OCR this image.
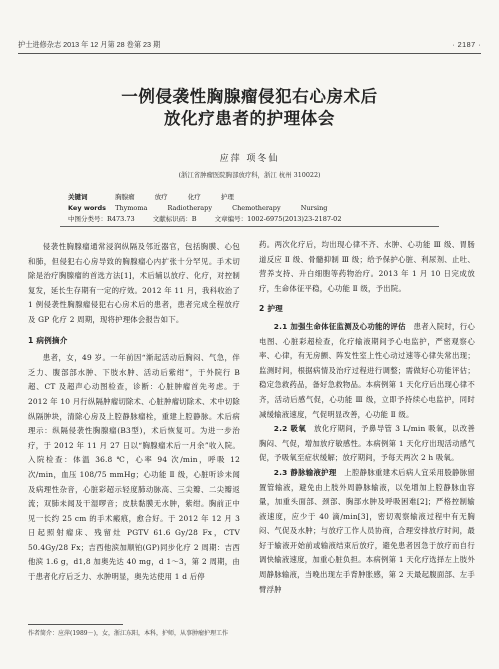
护士进修杂志 2013 年 12 月第 28 卷第 23 期	· 2187 ·
一例侵袭性胸腺瘤侵犯右心房术后
放化疗患者的护理体会
应萍 项冬仙
(浙江省肿瘤医院胸部放疗科，浙江 杭州 310022)
关键词	胸腺瘤	放疗	化疗	护理
Key words Thymoma	Radiotherapy	Chemotherapy	Nursing
中图分类号：R473.73	文献标识码：B	文章编号：1002-6975(2013)23-2187-02

侵袭性胸腺瘤通常浸润纵隔及邻近器官，包括胸膜、心包和肺，但侵犯右心房导致的胸腺瘤心内扩张十分罕见。手术切除是治疗胸腺瘤的首选方法[1]，术后辅以放疗、化疗，对控制复发，延长生存期有一定的疗效。2012 年 11 月，我科收治了 1 例侵袭性胸腺瘤侵犯右心房术后的患者，患者完成全程放疗及 GP 化疗 2 周期，现将护理体会报告如下。

1 病例摘介

患者，女，49 岁。一年前因“渐起活动后胸闷、气急，伴乏力、腹部部水肿、下肢水肿、活动后紫绀”，于外院行 B 超、CT 及超声心动图检查，诊断：心脏肿瘤首先考虑。于 2012 年 10 月行纵隔肿瘤切除术、心脏肿瘤切除术、术中切除纵隔肿块，清除心房及上腔静脉瘤栓，重建上腔静脉。术后病理示：纵隔侵袭性胸腺瘤(B3型)，术后恢复可。为进一步治疗，于 2012 年 11 月 27 日以“胸腺瘤术后一月余”收入院。入院检查：体温 36.8 ℃，心率 94 次/min，呼吸 12 次/min，血压 108/75 mmHg；心功能 Ⅱ 级，心脏听诊未闻及病理性杂音，心脏彩超示轻度肺动脉高、三尖瓣、二尖瓣返流；双肺未闻及干湿啰音；皮肤黏膜无水肿，紫绀。胸前正中见一长约 25 cm 的手术瘢痕，愈合好。于 2012 年 12 月 3 日起照射瘤床、残留灶 PGTV 61.6 Gy/28 Fx，CTV 50.4Gy/28 Fx；吉西他滨加顺铂(GP)同步化疗 2 周期：吉西他滨 1.6 g，d1,8 加奥先达 40 mg，d 1～3，第 2 周期，由于患者化疗后乏力、水肿明显，奥先达使用 1 d 后停

药。两次化疗后，均出现心律不齐、水肿、心功能 Ⅲ 级、胃肠道反应 Ⅱ 级、骨髓抑制 Ⅲ 级；给予保护心脏、利尿剂、止吐、营养支持、升白细胞等药物治疗。2013 年 1 月 10 日完成放疗，生命体征平稳，心功能 Ⅱ 级，予出院。

2 护理

2.1 加强生命体征监测及心功能的评估  患者入院时，行心电图、心脏彩超检查，化疗输液期间予心电监护，严密观察心率、心律，有无房颤、阵发性室上性心动过速等心律失常出现；监测时间，根据病情及治疗过程进行调整；需做好心功能评估；稳定急救药品，备好急救物品。本病例第 1 天化疗后出现心律不齐，活动后感气促，心功能 Ⅲ 级，立即予持续心电监护，同时减缓输液速度，气促明显改善，心功能 Ⅱ 级。

2.2 吸氧  放化疗期间，予鼻导管 3 L/min 吸氧，以改善胸闷、气促，增加放疗敏感性。本病例第 1 天化疗出现活动感气促，予吸氧至症状缓解；放疗期间，予每天两次 2 h 吸氧。

2.3 静脉输液护理  上腔静脉重建术后病人宜采用股静脉留置管输液，避免由上肢外周静脉输液，以免增加上腔静脉血容量，加重头面部、颈部、胸部水肿及呼吸困难[2]；严格控制输液速度，应少于 40 滴/min[3]，密切观察输液过程中有无胸闷、气促及水肿；与放疗工作人员协商，合理安排放疗时间，最好于输液开始前或输液结束后放疗，避免患者因急于放疗而自行调快输液速度，加重心脏负担。本病例第 1 天化疗选择左上肢外周静脉输液，当晚出现左手背肿胀感，第 2 天最起腹面部、左手臂浮肿

作者简介：应萍(1989－)，女，浙江东阳，本科，护师，从事肿瘤护理工作
